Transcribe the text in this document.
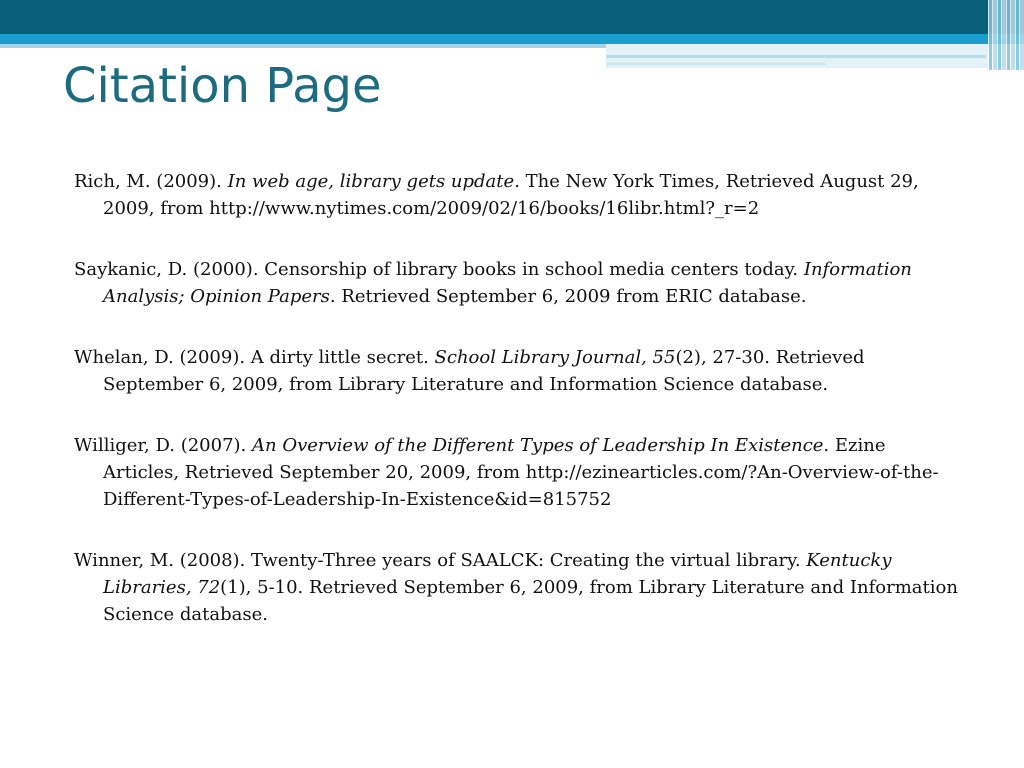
Citation Page

Rich, M. (2009). In web age, library gets update. The New York Times, Retrieved August 29, 2009, from http://www.nytimes.com/2009/02/16/books/16libr.html?_r=2

Saykanic, D. (2000). Censorship of library books in school media centers today. Information Analysis; Opinion Papers. Retrieved September 6, 2009 from ERIC database.

Whelan, D. (2009). A dirty little secret. School Library Journal, 55(2), 27-30. Retrieved September 6, 2009, from Library Literature and Information Science database.

Williger, D. (2007). An Overview of the Different Types of Leadership In Existence. Ezine Articles, Retrieved September 20, 2009, from http://ezinearticles.com/?An-Overview-of-the-Different-Types-of-Leadership-In-Existence&id=815752

Winner, M. (2008). Twenty-Three years of SAALCK: Creating the virtual library. Kentucky Libraries, 72(1), 5-10. Retrieved September 6, 2009, from Library Literature and Information Science database.
